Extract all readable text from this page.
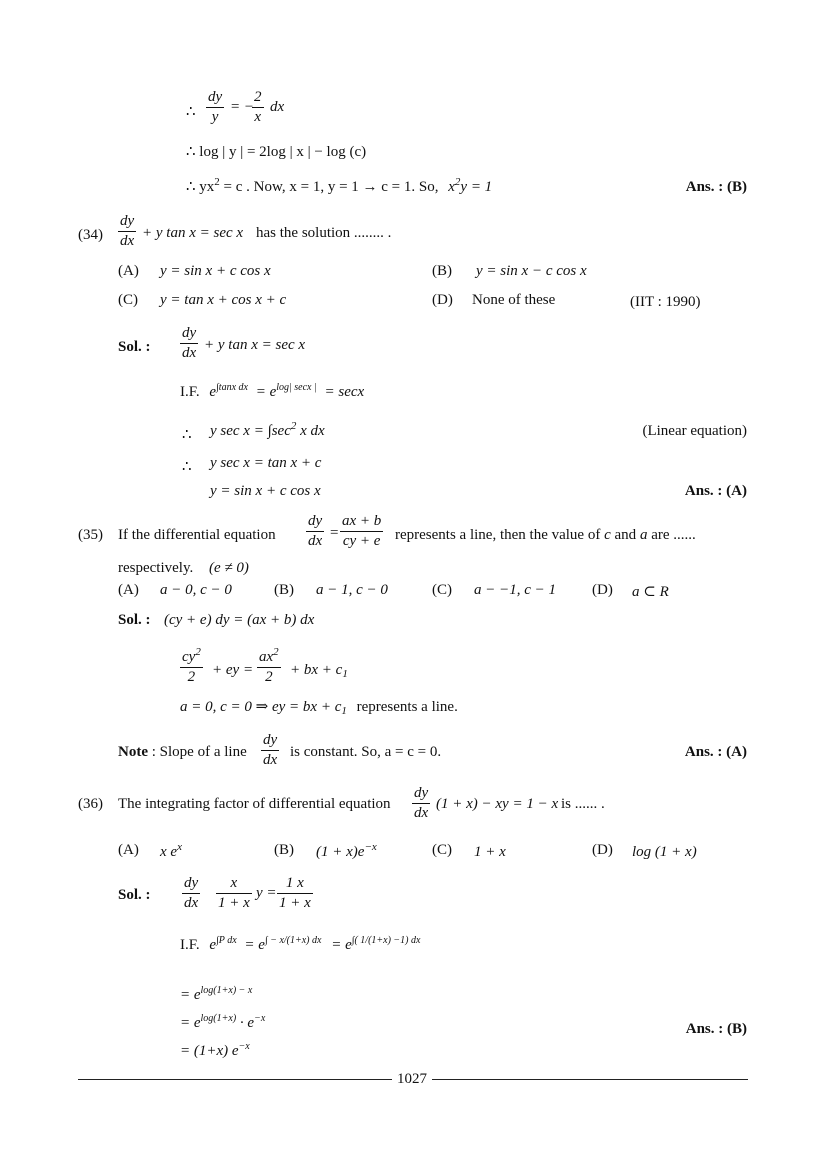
∴
dy
y
= −
2
x
dx
∴ log | y | = 2log | x | − log (c)
∴ $yx^2 = c$ . Now, x = 1, y = 1 → c = 1. So, $x^2y = 1$	Ans. : (B)
(34)
dy
dx + y tan x = sec x has the solution ........ .
(A) y = sin x + c cos x	(B) y = sin x − c cos x
(C) y = tan x + cos x + c	(D) None of these	(IIT : 1990)
Sol. :
dy
dx + y tan x = sec x
I.F. $e^{\int tanx dx} = e^{log| secx |} = \sec x$
∴ y $\sec x = \int\sec^2$ x dx	(Linear equation)
∴ y sec x = tan x + c
y = sin x + c cos x	Ans. : (A)
(35) If the differential equation
dy
dx =
ax + b
cy + e represents a line, then the value of c and a are ......
respectively. (e ≠ 0)
(A) a − 0, c − 0	(B) a − 1, c − 0	(C) a − −1, c − 1 (D) a ⊂ R
Sol. : (cy + e) dy = (ax + b) dx
$cy^2$
2	+ ey =
$ax^2$
2	+ bx + $c_1$
a = 0, c = 0 ⇒ ey = bx + $c_1$ represents a line.
Note : Slope of a line
dy
dx is constant. So, a = c = 0.	Ans. : (A)
(36) The integrating factor of differential equation
dy
dx
(1 + x) − xy = 1 − x is ...... .
(A) x $e^x$	(B) $(1 + x)e^{-x}$	(C) 1 + x	(D) log (1 + x)
Sol. :
dy
dx
x
1 + x
y =
1 x
1 + x
I.F. $e^{\int P dx} = e^{\int - x/(1+x) dx} = e^{\int( 1/(1+x) -1) dx}$
= $e^{log(1+x) - x}$
= $e^{log(1+x)} \cdot e^{-x}$
Ans. : (B)
= (1+x) $e^{-x}$
1027
